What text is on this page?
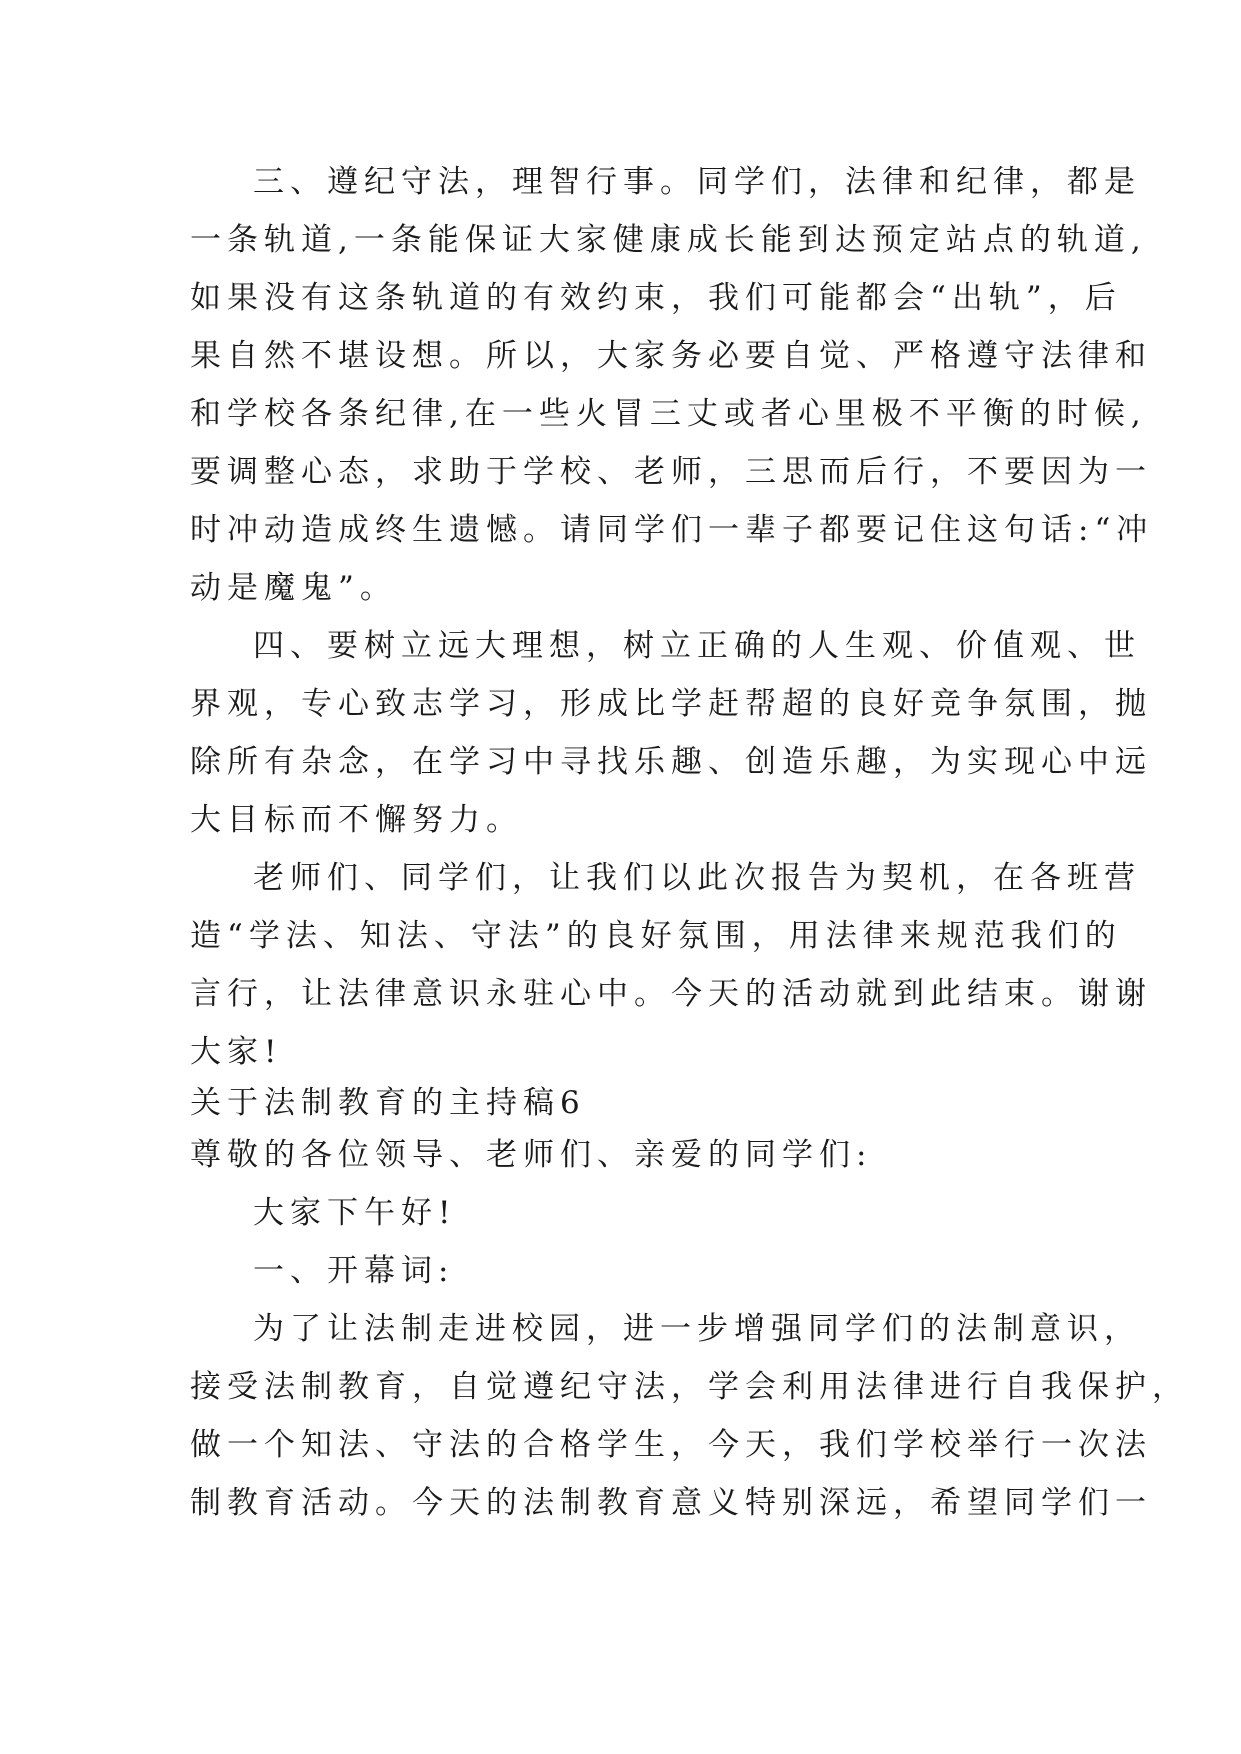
三、遵纪守法，理智行事。同学们，法律和纪律，都是
一条轨道,一条能保证大家健康成长能到达预定站点的轨道,
如果没有这条轨道的有效约束，我们可能都会“出轨”，后
果自然不堪设想。所以，大家务必要自觉、严格遵守法律和
和学校各条纪律,在一些火冒三丈或者心里极不平衡的时候,
要调整心态，求助于学校、老师，三思而后行，不要因为一
时冲动造成终生遗憾。请同学们一辈子都要记住这句话:“冲
动是魔鬼”。
四、要树立远大理想，树立正确的人生观、价值观、世
界观，专心致志学习，形成比学赶帮超的良好竞争氛围，抛
除所有杂念，在学习中寻找乐趣、创造乐趣，为实现心中远
大目标而不懈努力。
老师们、同学们，让我们以此次报告为契机，在各班营
造“学法、知法、守法”的良好氛围，用法律来规范我们的
言行，让法律意识永驻心中。今天的活动就到此结束。谢谢
大家!
关于法制教育的主持稿6
尊敬的各位领导、老师们、亲爱的同学们:
大家下午好!
一、开幕词:
为了让法制走进校园，进一步增强同学们的法制意识，
接受法制教育，自觉遵纪守法，学会利用法律进行自我保护，
做一个知法、守法的合格学生，今天，我们学校举行一次法
制教育活动。今天的法制教育意义特别深远，希望同学们一
